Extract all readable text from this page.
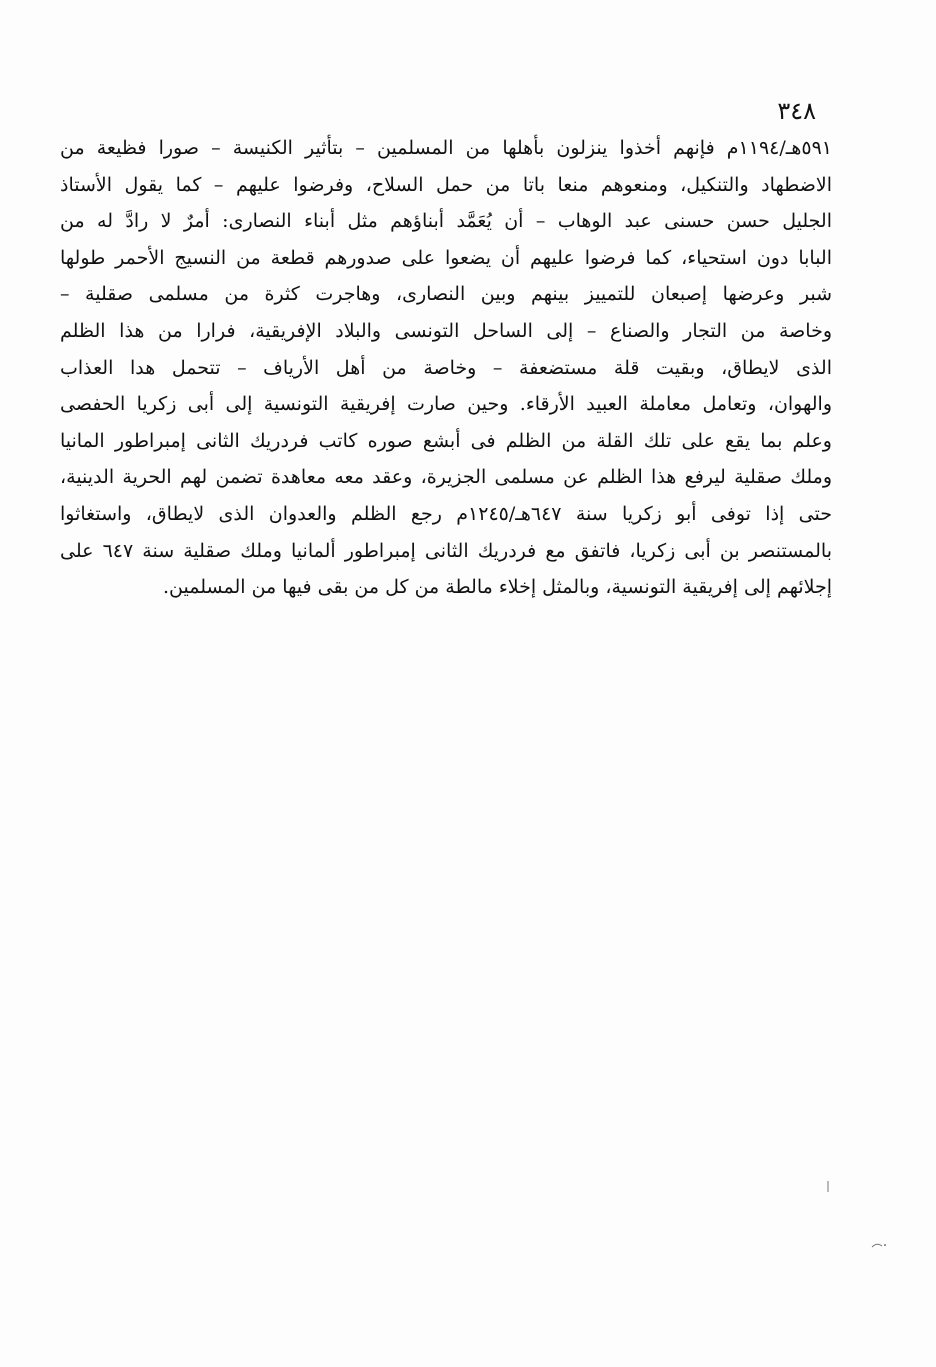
٣٤٨
٥٩١هـ/١١٩٤م فإنهم أخذوا ينزلون بأهلها من المسلمين – بتأثير الكنيسة – صورا فظيعة من
الاضطهاد والتنكيل، ومنعوهم منعا باتا من حمل السلاح، وفرضوا عليهم – كما يقول الأستاذ
الجليل حسن حسنى عبد الوهاب – أن يُعَمَّد أبناؤهم مثل أبناء النصارى: أمرٌ لا رادَّ له من
البابا دون استحياء، كما فرضوا عليهم أن يضعوا على صدورهم قطعة من النسيج الأحمر طولها
شبر وعرضها إصبعان للتمييز بينهم وبين النصارى، وهاجرت كثرة من مسلمى صقلية –
وخاصة من التجار والصناع – إلى الساحل التونسى والبلاد الإفريقية، فرارا من هذا الظلم
الذى لايطاق، وبقيت قلة مستضعفة – وخاصة من أهل الأرياف – تتحمل هدا العذاب
والهوان، وتعامل معاملة العبيد الأرقاء. وحين صارت إفريقية التونسية إلى أبى زكريا الحفصى
وعلم بما يقع على تلك القلة من الظلم فى أبشع صوره كاتب فردريك الثانى إمبراطور المانيا
وملك صقلية ليرفع هذا الظلم عن مسلمى الجزيرة، وعقد معه معاهدة تضمن لهم الحرية الدينية،
حتى إذا توفى أبو زكريا سنة ٦٤٧هـ/١٢٤٥م رجع الظلم والعدوان الذى لايطاق، واستغاثوا
بالمستنصر بن أبى زكريا، فاتفق مع فردريك الثانى إمبراطور ألمانيا وملك صقلية سنة ٦٤٧ على
إجلائهم إلى إفريقية التونسية، وبالمثل إخلاء مالطة من كل من بقى فيها من المسلمين.
